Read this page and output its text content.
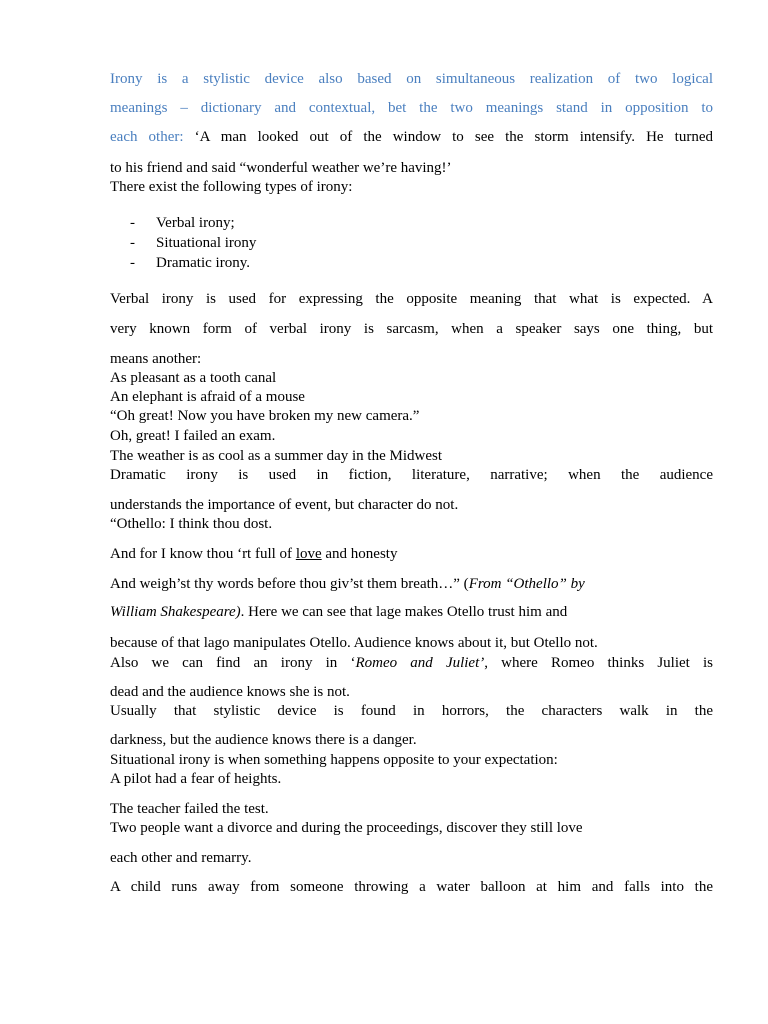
Irony is a stylistic device also based on simultaneous realization of two logical
meanings – dictionary and contextual, bet the two meanings stand in opposition to
each other: ‘A man looked out of the window to see the storm intensify. He turned
to his friend and said “wonderful weather we’re having!’
There exist the following types of irony:
- Verbal irony;
- Situational irony
- Dramatic irony.
Verbal irony is used for expressing the opposite meaning that what is expected. A
very known form of verbal irony is sarcasm, when a speaker says one thing, but
means another:
As pleasant as a tooth canal
An elephant is afraid of a mouse
“Oh great! Now you have broken my new camera.”
Oh, great! I failed an exam.
The weather is as cool as a summer day in the Midwest
Dramatic irony is used in fiction, literature, narrative; when the audience
understands the importance of event, but character do not.
“Othello: I think thou dost.
And for I know thou ‘rt full of love and honesty
And weigh’st thy words before thou giv’st them breath…” (From “Othello” by
William Shakespeare). Here we can see that lage makes Otello trust him and
because of that lago manipulates Otello. Audience knows about it, but Otello not.
Also we can find an irony in ‘Romeo and Juliet’, where Romeo thinks Juliet is
dead and the audience knows she is not.
Usually that stylistic device is found in horrors, the characters walk in the
darkness, but the audience knows there is a danger.
Situational irony is when something happens opposite to your expectation:
A pilot had a fear of heights.
The teacher failed the test.
Two people want a divorce and during the proceedings, discover they still love
each other and remarry.
A child runs away from someone throwing a water balloon at him and falls into the
